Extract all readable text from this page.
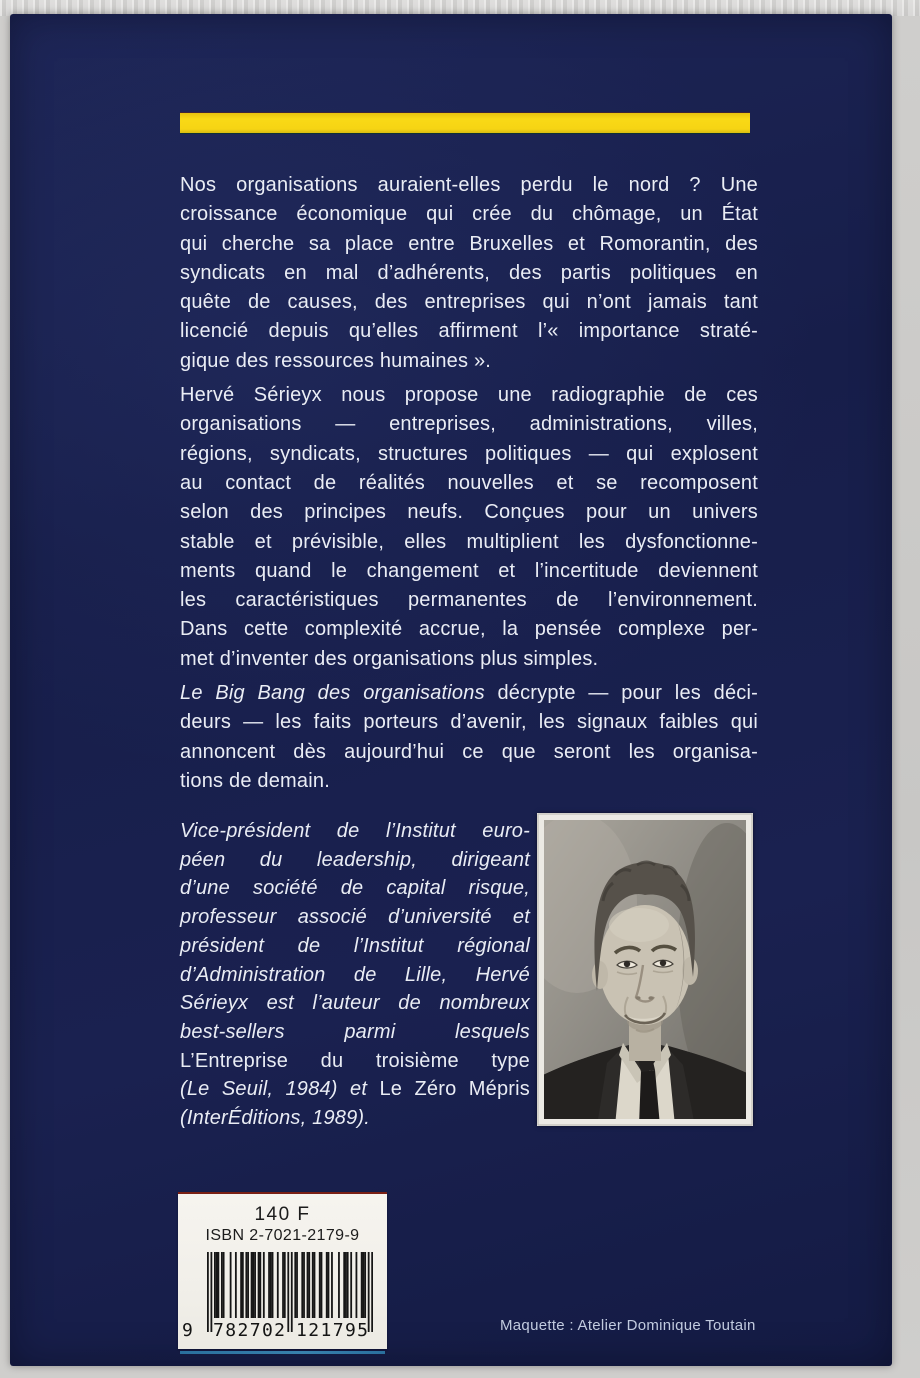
Nos organisations auraient-elles perdu le nord ? Une
croissance économique qui crée du chômage, un État
qui cherche sa place entre Bruxelles et Romorantin, des
syndicats en mal d’adhérents, des partis politiques en
quête de causes, des entreprises qui n’ont jamais tant
licencié depuis qu’elles affirment l’« importance straté-
gique des ressources humaines ».
Hervé Sérieyx nous propose une radiographie de ces
organisations — entreprises, administrations, villes,
régions, syndicats, structures politiques — qui explosent
au contact de réalités nouvelles et se recomposent
selon des principes neufs. Conçues pour un univers
stable et prévisible, elles multiplient les dysfonctionne-
ments quand le changement et l’incertitude deviennent
les caractéristiques permanentes de l’environnement.
Dans cette complexité accrue, la pensée complexe per-
met d’inventer des organisations plus simples.
Le Big Bang des organisations décrypte — pour les déci-
deurs — les faits porteurs d’avenir, les signaux faibles qui
annoncent dès aujourd’hui ce que seront les organisa-
tions de demain.
Vice-président de l’Institut euro-
péen du leadership, dirigeant
d’une société de capital risque,
professeur associé d’université et
président de l’Institut régional
d’Administration de Lille, Hervé
Sérieyx est l’auteur de nombreux
best-sellers parmi lesquels
L’Entreprise du troisième type
(Le Seuil, 1984) et Le Zéro Mépris
(InterÉditions, 1989).
140 F
ISBN 2-7021-2179-9
9 782702 121795	Maquette : Atelier Dominique Toutain
